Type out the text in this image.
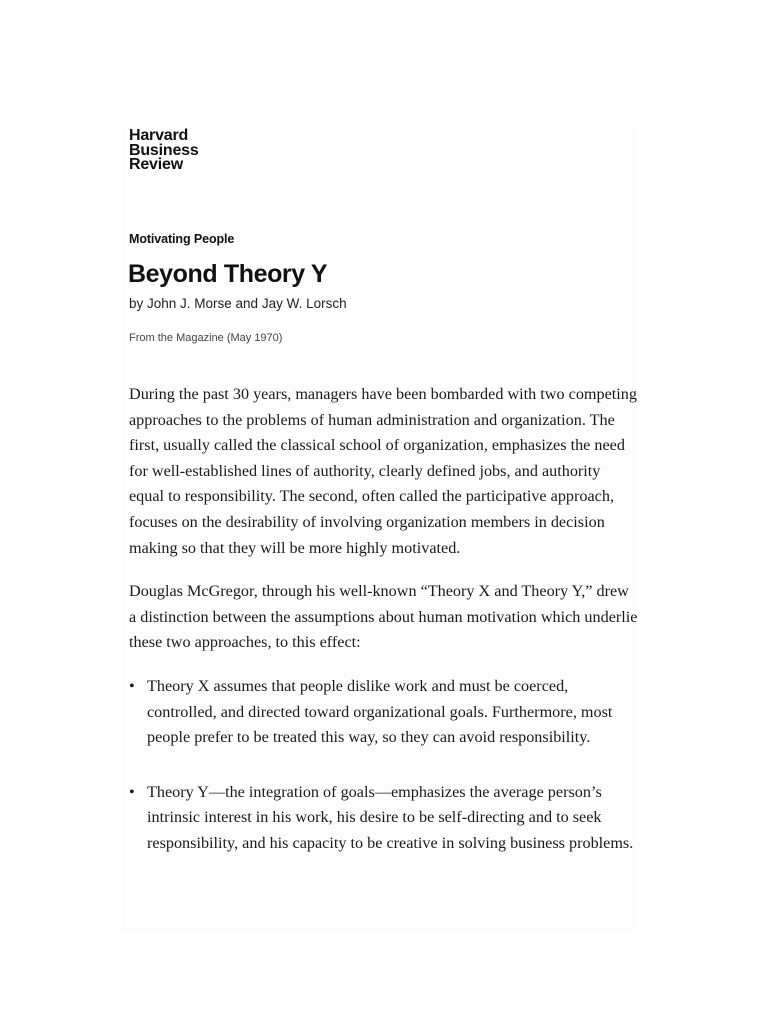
Harvard
Business
Review
Motivating People
Beyond Theory Y
by John J. Morse and Jay W. Lorsch
From the Magazine (May 1970)

During the past 30 years, managers have been bombarded with two competing approaches to the problems of human administration and organization. The first, usually called the classical school of organization, emphasizes the need for well-established lines of authority, clearly defined jobs, and authority equal to responsibility. The second, often called the participative approach, focuses on the desirability of involving organization members in decision making so that they will be more highly motivated.

Douglas McGregor, through his well-known “Theory X and Theory Y,” drew a distinction between the assumptions about human motivation which underlie these two approaches, to this effect:

• Theory X assumes that people dislike work and must be coerced, controlled, and directed toward organizational goals. Furthermore, most people prefer to be treated this way, so they can avoid responsibility.
• Theory Y—the integration of goals—emphasizes the average person’s intrinsic interest in his work, his desire to be self-directing and to seek responsibility, and his capacity to be creative in solving business problems.
